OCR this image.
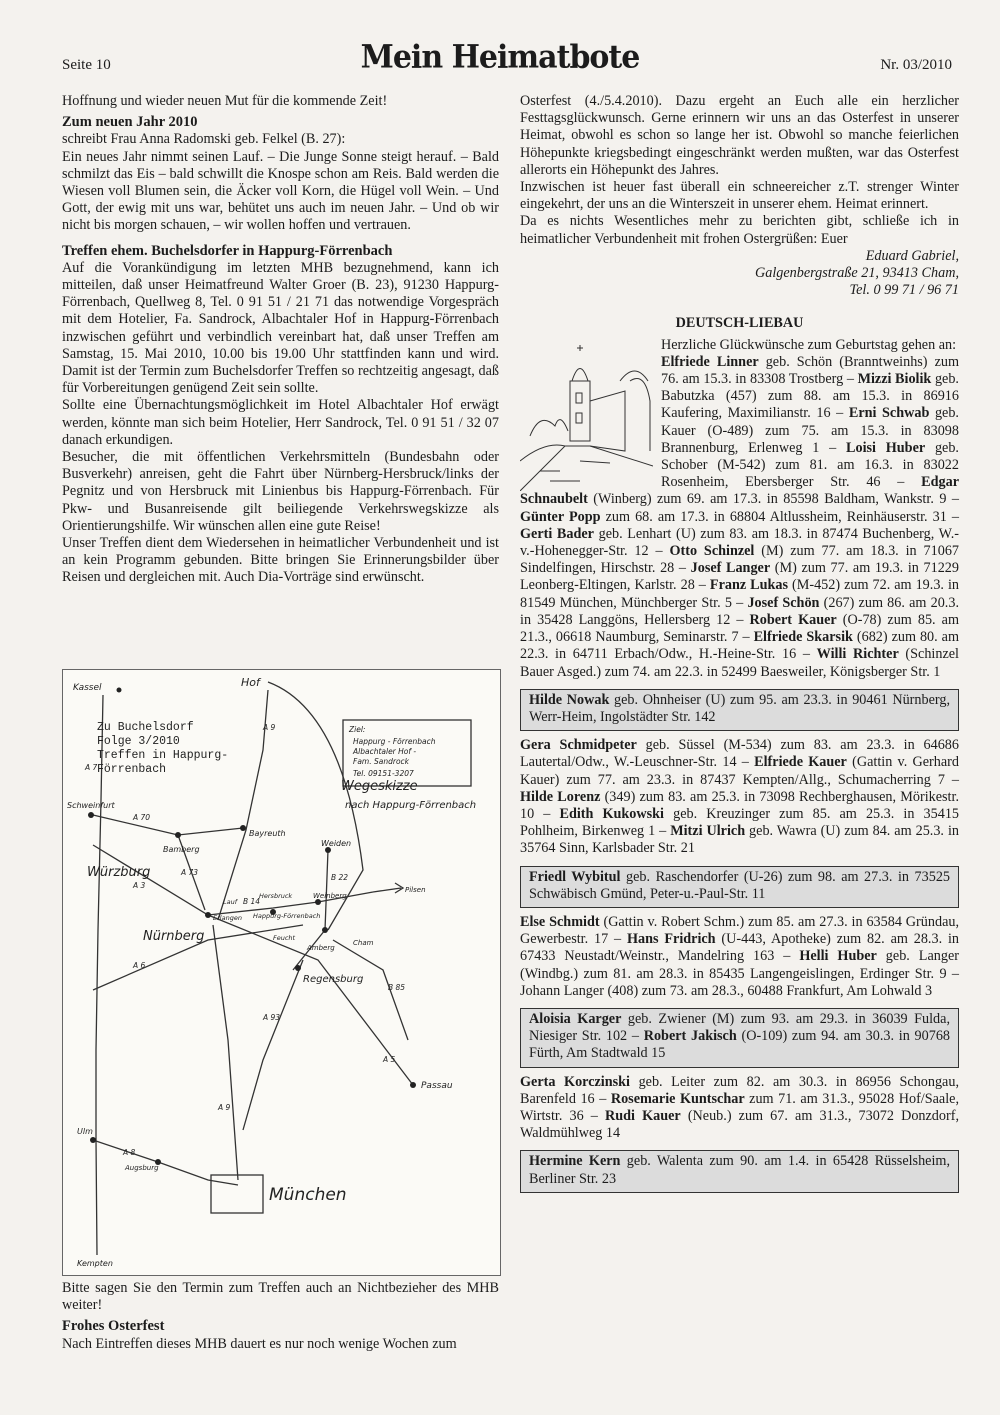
Seite 10	Mein Heimatbote	Nr. 03/2010

Hoffnung und wieder neuen Mut für die kommende Zeit!

Zum neuen Jahr 2010

schreibt Frau Anna Radomski geb. Felkel (B. 27):

Ein neues Jahr nimmt seinen Lauf. – Die Junge Sonne steigt herauf. – Bald schmilzt das Eis – bald schwillt die Knospe schon am Reis. Bald werden die Wiesen voll Blumen sein, die Äcker voll Korn, die Hügel voll Wein. – Und Gott, der ewig mit uns war, behütet uns auch im neuen Jahr. – Und ob wir nicht bis morgen schauen, – wir wollen hoffen und vertrauen.

Treffen ehem. Buchelsdorfer in Happurg-Förrenbach

Auf die Vorankündigung im letzten MHB bezugnehmend, kann ich mitteilen, daß unser Heimatfreund Walter Groer (B. 23), 91230 Happurg-Förrenbach, Quellweg 8, Tel. 0 91 51 / 21 71 das notwendige Vorgespräch mit dem Hotelier, Fa. Sandrock, Albachtaler Hof in Happurg-Förrenbach inzwischen geführt und verbindlich vereinbart hat, daß unser Treffen am Samstag, 15. Mai 2010, 10.00 bis 19.00 Uhr stattfinden kann und wird. Damit ist der Termin zum Buchelsdorfer Treffen so rechtzeitig angesagt, daß für Vorbereitungen genügend Zeit sein sollte.

Sollte eine Übernachtungsmöglichkeit im Hotel Albachtaler Hof erwägt werden, könnte man sich beim Hotelier, Herr Sandrock, Tel. 0 91 51 / 32 07 danach erkundigen.

Besucher, die mit öffentlichen Verkehrsmitteln (Bundesbahn oder Busverkehr) anreisen, geht die Fahrt über Nürnberg-Hersbruck/links der Pegnitz und von Hersbruck mit Linienbus bis Happurg-Förrenbach. Für Pkw- und Busanreisende gilt beiliegende Verkehrswegskizze als Orientierungshilfe. Wir wünschen allen eine gute Reise!

Unser Treffen dient dem Wiedersehen in heimatlicher Verbundenheit und ist an kein Programm gebunden. Bitte bringen Sie Erinnerungsbilder über Reisen und dergleichen mit. Auch Dia-Vorträge sind erwünscht.

Zu Buchelsdorf
Folge 3/2010
Treffen in Happurg-
Förrenbach
Ziel:
Happurg - Förrenbach
Albachtaler Hof -
Fam. Sandrock
Tel. 09151-3207
Wegeskizze
nach Happurg-Förrenbach
Kassel	Hof
Schweinfurt
Bamberg
Bayreuth
Würzburg
Nürnberg
Erlangen
Lauf
Hersbruck
Happurg-Förrenbach
Feucht
Weiden
Weinberg
Pilsen
Cham
Amberg
Regensburg
Passau
Ulm
Augsburg
München
Kempten
A 7
A 9
A 70
A 73
A 3
A 6
B 14
A 93
B 22
B 85
A 5
A 8
A 9

Bitte sagen Sie den Termin zum Treffen auch an Nichtbezieher des MHB weiter!

Frohes Osterfest

Nach Eintreffen dieses MHB dauert es nur noch wenige Wochen zum

Osterfest (4./5.4.2010). Dazu ergeht an Euch alle ein herzlicher Festtagsglückwunsch. Gerne erinnern wir uns an das Osterfest in unserer Heimat, obwohl es schon so lange her ist. Obwohl so manche feierlichen Höhepunkte kriegsbedingt eingeschränkt werden mußten, war das Osterfest allerorts ein Höhepunkt des Jahres.

Inzwischen ist heuer fast überall ein schneereicher z.T. strenger Winter eingekehrt, der uns an die Winterszeit in unserer ehem. Heimat erinnert.

Da es nichts Wesentliches mehr zu berichten gibt, schließe ich in heimatlicher Verbundenheit mit frohen Ostergrüßen: Euer

Eduard Gabriel,

Galgenbergstraße 21, 93413 Cham,

Tel. 0 99 71 / 96 71

DEUTSCH-LIEBAU

Herzliche Glückwünsche zum Geburtstag gehen an:

Elfriede Linner geb. Schön (Branntweinhs) zum 76. am 15.3. in 83308 Trostberg – Mizzi Biolik geb. Babutzka (457) zum 88. am 15.3. in 86916 Kaufering, Maximilianstr. 16 – Erni Schwab geb. Kauer (O-489) zum 75. am 15.3. in 83098 Brannenburg, Erlenweg 1 – Loisi Huber geb. Schober (M-542) zum 81. am 16.3. in 83022 Rosenheim, Ebersberger Str. 46 – Edgar Schnaubelt (Winberg) zum 69. am 17.3. in 85598 Baldham, Wankstr. 9 – Günter Popp zum 68. am 17.3. in 68804 Altlussheim, Reinhäuserstr. 31 – Gerti Bader geb. Lenhart (U) zum 83. am 18.3. in 87474 Buchenberg, W.-v.-Hohenegger-Str. 12 – Otto Schinzel (M) zum 77. am 18.3. in 71067 Sindelfingen, Hirschstr. 28 – Josef Langer (M) zum 77. am 19.3. in 71229 Leonberg-Eltingen, Karlstr. 28 – Franz Lukas (M-452) zum 72. am 19.3. in 81549 München, Münchberger Str. 5 – Josef Schön (267) zum 86. am 20.3. in 35428 Langgöns, Hellersberg 12 – Robert Kauer (O-78) zum 85. am 21.3., 06618 Naumburg, Seminarstr. 7 – Elfriede Skarsik (682) zum 80. am 22.3. in 64711 Erbach/Odw., H.-Heine-Str. 16 – Willi Richter (Schinzel Bauer Asged.) zum 74. am 22.3. in 52499 Baesweiler, Königsberger Str. 1

Hilde Nowak geb. Ohnheiser (U) zum 95. am 23.3. in 90461 Nürnberg, Werr-Heim, Ingolstädter Str. 142

Gera Schmidpeter geb. Süssel (M-534) zum 83. am 23.3. in 64686 Lautertal/Odw., W.-Leuschner-Str. 14 – Elfriede Kauer (Gattin v. Gerhard Kauer) zum 77. am 23.3. in 87437 Kempten/Allg., Schumacherring 7 – Hilde Lorenz (349) zum 83. am 25.3. in 73098 Rechberghausen, Mörikestr. 10 – Edith Kukowski geb. Kreuzinger zum 85. am 25.3. in 35415 Pohlheim, Birkenweg 1 – Mitzi Ulrich geb. Wawra (U) zum 84. am 25.3. in 35764 Sinn, Karlsbader Str. 21

Friedl Wybitul geb. Raschendorfer (U-26) zum 98. am 27.3. in 73525 Schwäbisch Gmünd, Peter-u.-Paul-Str. 11

Else Schmidt (Gattin v. Robert Schm.) zum 85. am 27.3. in 63584 Gründau, Gewerbestr. 17 – Hans Fridrich (U-443, Apotheke) zum 82. am 28.3. in 67433 Neustadt/Weinstr., Mandelring 163 – Helli Huber geb. Langer (Windbg.) zum 81. am 28.3. in 85435 Langengeislingen, Erdinger Str. 9 – Johann Langer (408) zum 73. am 28.3., 60488 Frankfurt, Am Lohwald 3

Aloisia Karger geb. Zwiener (M) zum 93. am 29.3. in 36039 Fulda, Niesiger Str. 102 – Robert Jakisch (O-109) zum 94. am 30.3. in 90768 Fürth, Am Stadtwald 15

Gerta Korczinski geb. Leiter zum 82. am 30.3. in 86956 Schongau, Barenfeld 16 – Rosemarie Kuntschar zum 71. am 31.3., 95028 Hof/Saale, Wirtstr. 36 – Rudi Kauer (Neub.) zum 67. am 31.3., 73072 Donzdorf, Waldmühlweg 14

Hermine Kern geb. Walenta zum 90. am 1.4. in 65428 Rüsselsheim, Berliner Str. 23
